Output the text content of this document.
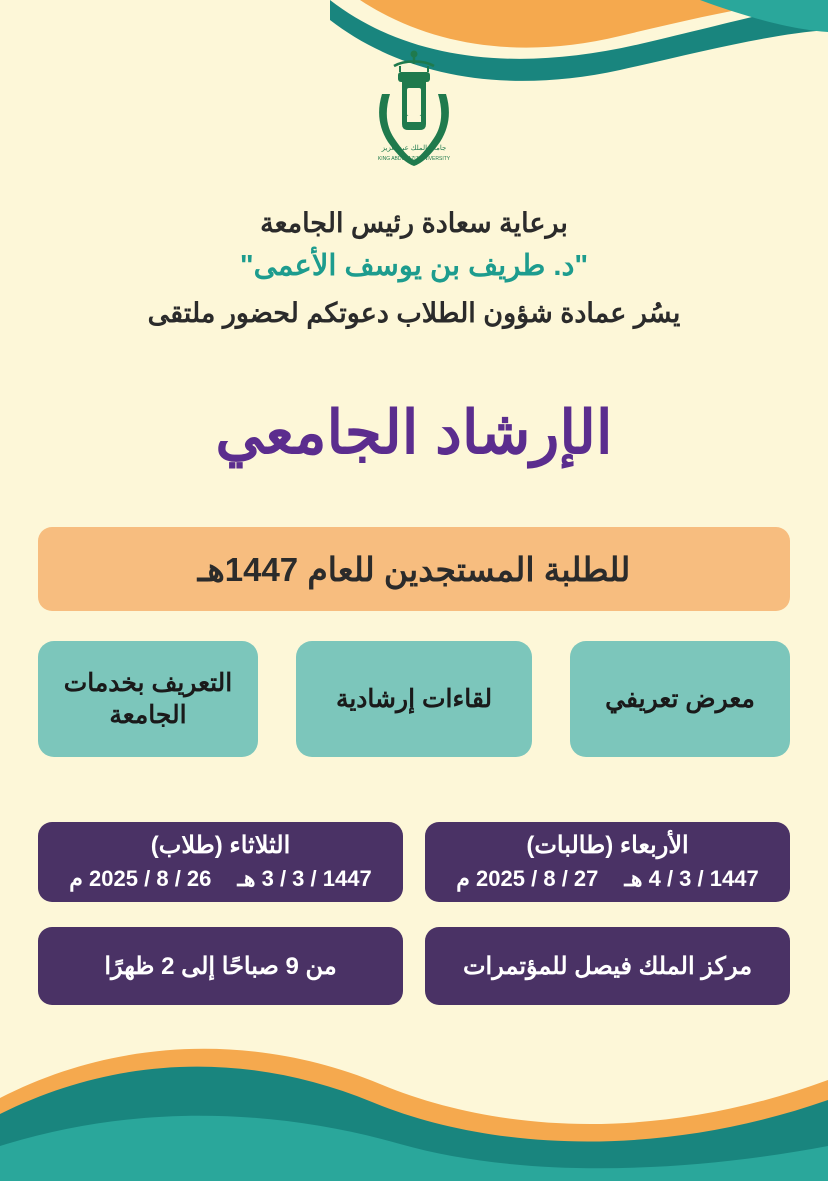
جامعة الملك عبدالعزيز
KING ABDULAZIZ UNIVERSITY
برعاية سعادة رئيس الجامعة
"د. طريف بن يوسف الأعمى"
يسُر عمادة شؤون الطلاب دعوتكم لحضور ملتقى
الإرشاد الجامعي
للطلبة المستجدين للعام 1447هـ
معرض تعريفي
لقاءات إرشادية
التعريف بخدمات الجامعة
الأربعاء (طالبات)
1447 / 3 / 4 هـ
27 / 8 / 2025 م
الثلاثاء (طلاب)
1447 / 3 / 3 هـ
26 / 8 / 2025 م
مركز الملك فيصل للمؤتمرات
من 9 صباحًا إلى 2 ظهرًا
